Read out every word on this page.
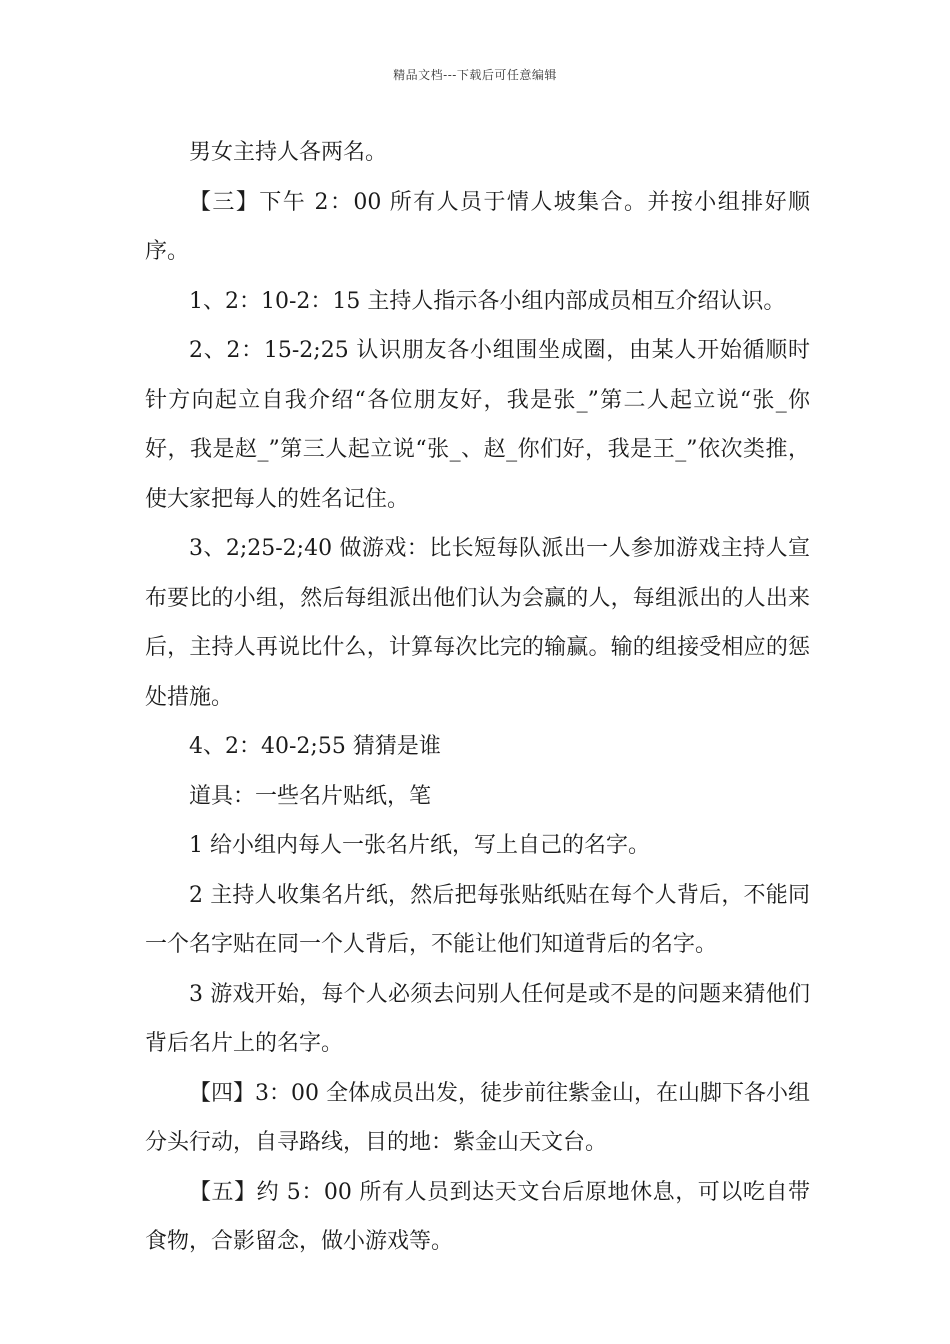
精品文档---下载后可任意编辑

男女主持人各两名。

【三】下午 2：00 所有人员于情人坡集合。并按小组排好顺序。

1、2：10-2：15 主持人指示各小组内部成员相互介绍认识。

2、2：15-2;25 认识朋友各小组围坐成圈，由某人开始循顺时针方向起立自我介绍“各位朋友好，我是张_”第二人起立说“张_你好，我是赵_”第三人起立说“张_、赵_你们好，我是王_”依次类推，使大家把每人的姓名记住。

3、2;25-2;40 做游戏：比长短每队派出一人参加游戏主持人宣布要比的小组，然后每组派出他们认为会赢的人，每组派出的人出来后，主持人再说比什么，计算每次比完的输赢。输的组接受相应的惩处措施。

4、2：40-2;55 猜猜是谁

道具：一些名片贴纸，笔

1 给小组内每人一张名片纸，写上自己的名字。

2 主持人收集名片纸，然后把每张贴纸贴在每个人背后，不能同一个名字贴在同一个人背后，不能让他们知道背后的名字。

3 游戏开始，每个人必须去问别人任何是或不是的问题来猜他们背后名片上的名字。

【四】3：00 全体成员出发，徒步前往紫金山，在山脚下各小组分头行动，自寻路线，目的地：紫金山天文台。

【五】约 5：00 所有人员到达天文台后原地休息，可以吃自带食物，合影留念，做小游戏等。
